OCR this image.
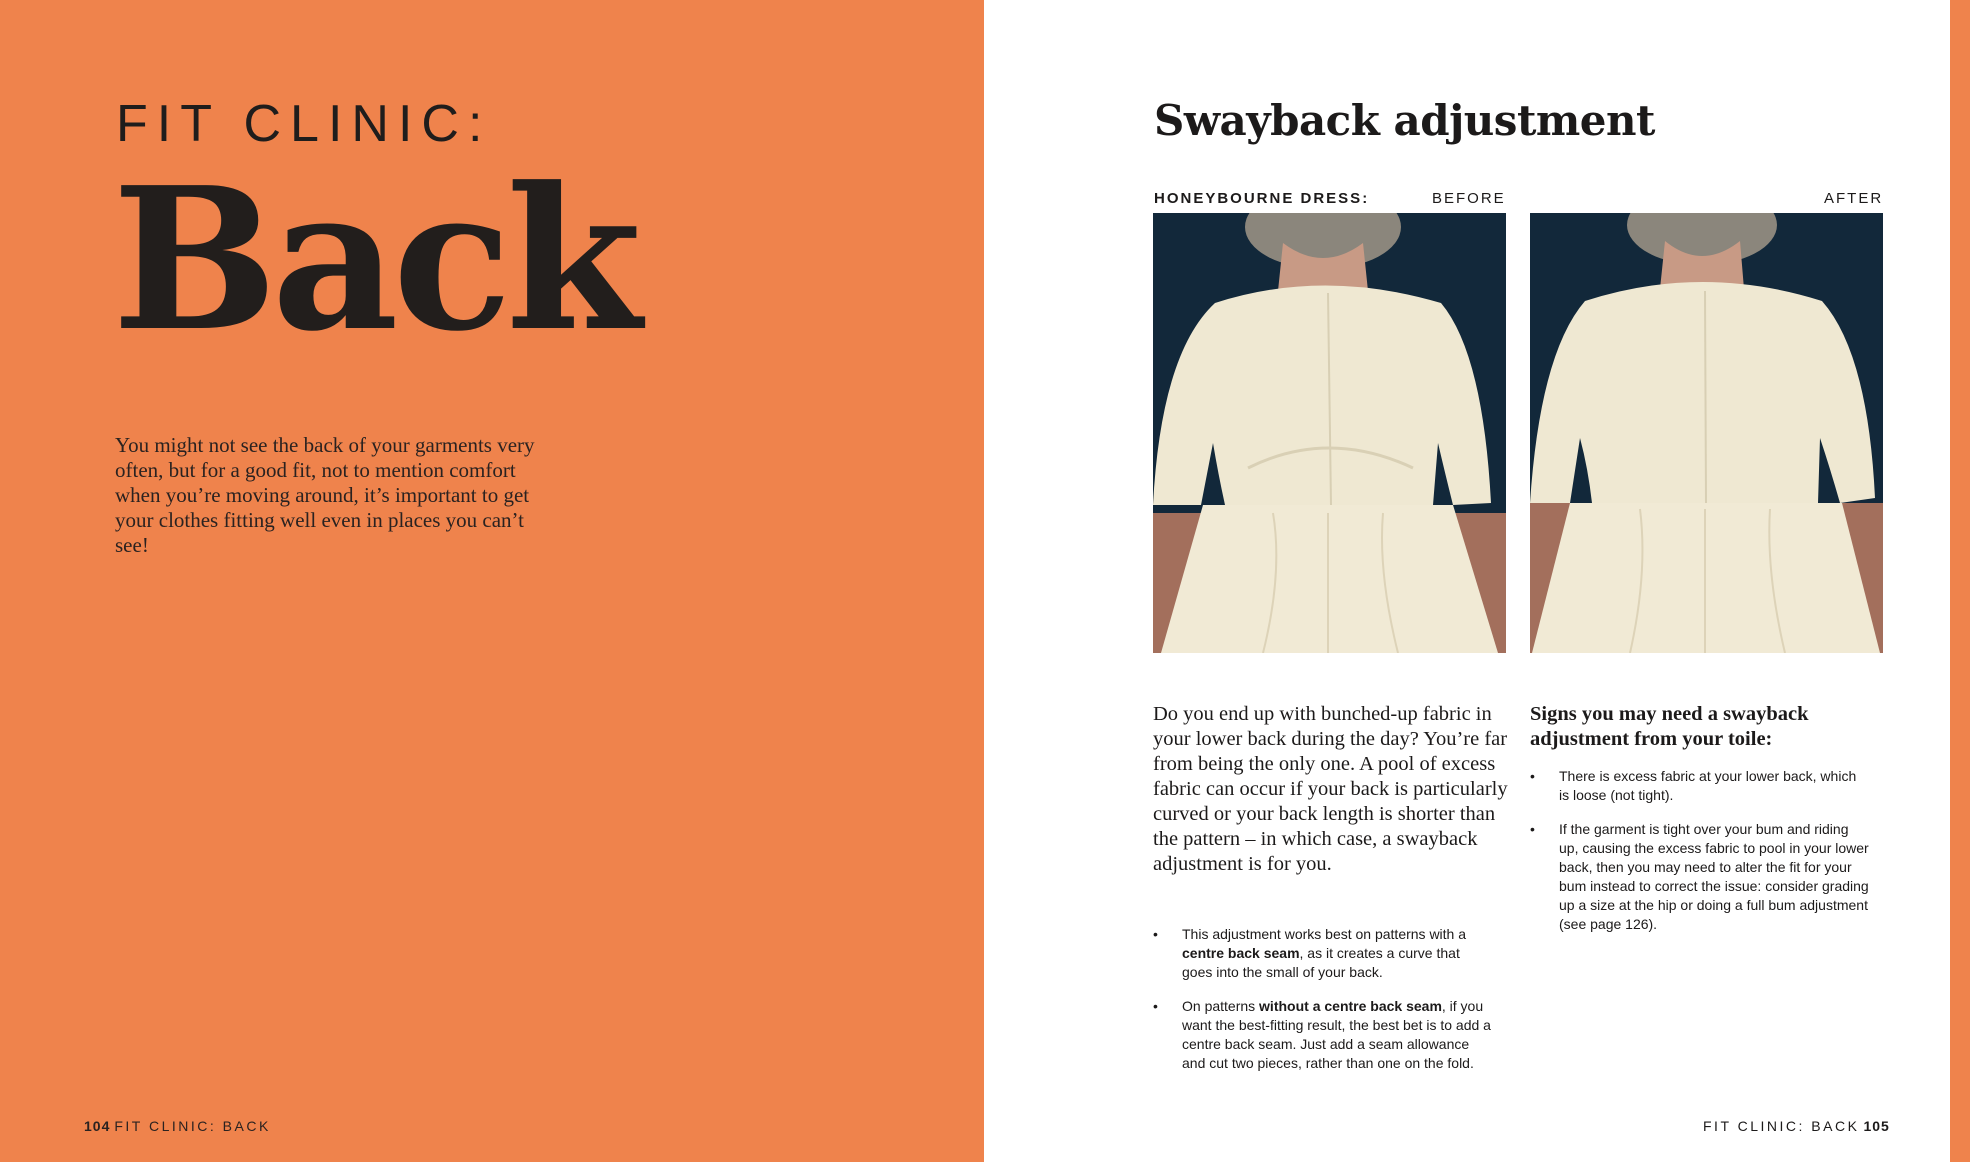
FIT CLINIC:
Back

You might not see the back of your garments very often, but for a good fit, not to mention comfort when you’re moving around, it’s important to get your clothes fitting well even in places you can’t see!

104 FIT CLINIC: BACK
Swayback adjustment
HONEYBOURNE DRESS:	BEFORE	AFTER

Do you end up with bunched-up fabric in your lower back during the day? You’re far from being the only one. A pool of excess fabric can occur if your back is particularly curved or your back length is shorter than the pattern – in which case, a swayback adjustment is for you.

• This adjustment works best on patterns with a centre back seam, as it creates a curve that goes into the small of your back.
• On patterns without a centre back seam, if you want the best-fitting result, the best bet is to add a centre back seam. Just add a seam allowance and cut two pieces, rather than one on the fold.
Signs you may need a swayback adjustment from your toile:
• There is excess fabric at your lower back, which is loose (not tight).
• If the garment is tight over your bum and riding up, causing the excess fabric to pool in your lower back, then you may need to alter the fit for your bum instead to correct the issue: consider grading up a size at the hip or doing a full bum adjustment (see page 126).
FIT CLINIC: BACK 105
